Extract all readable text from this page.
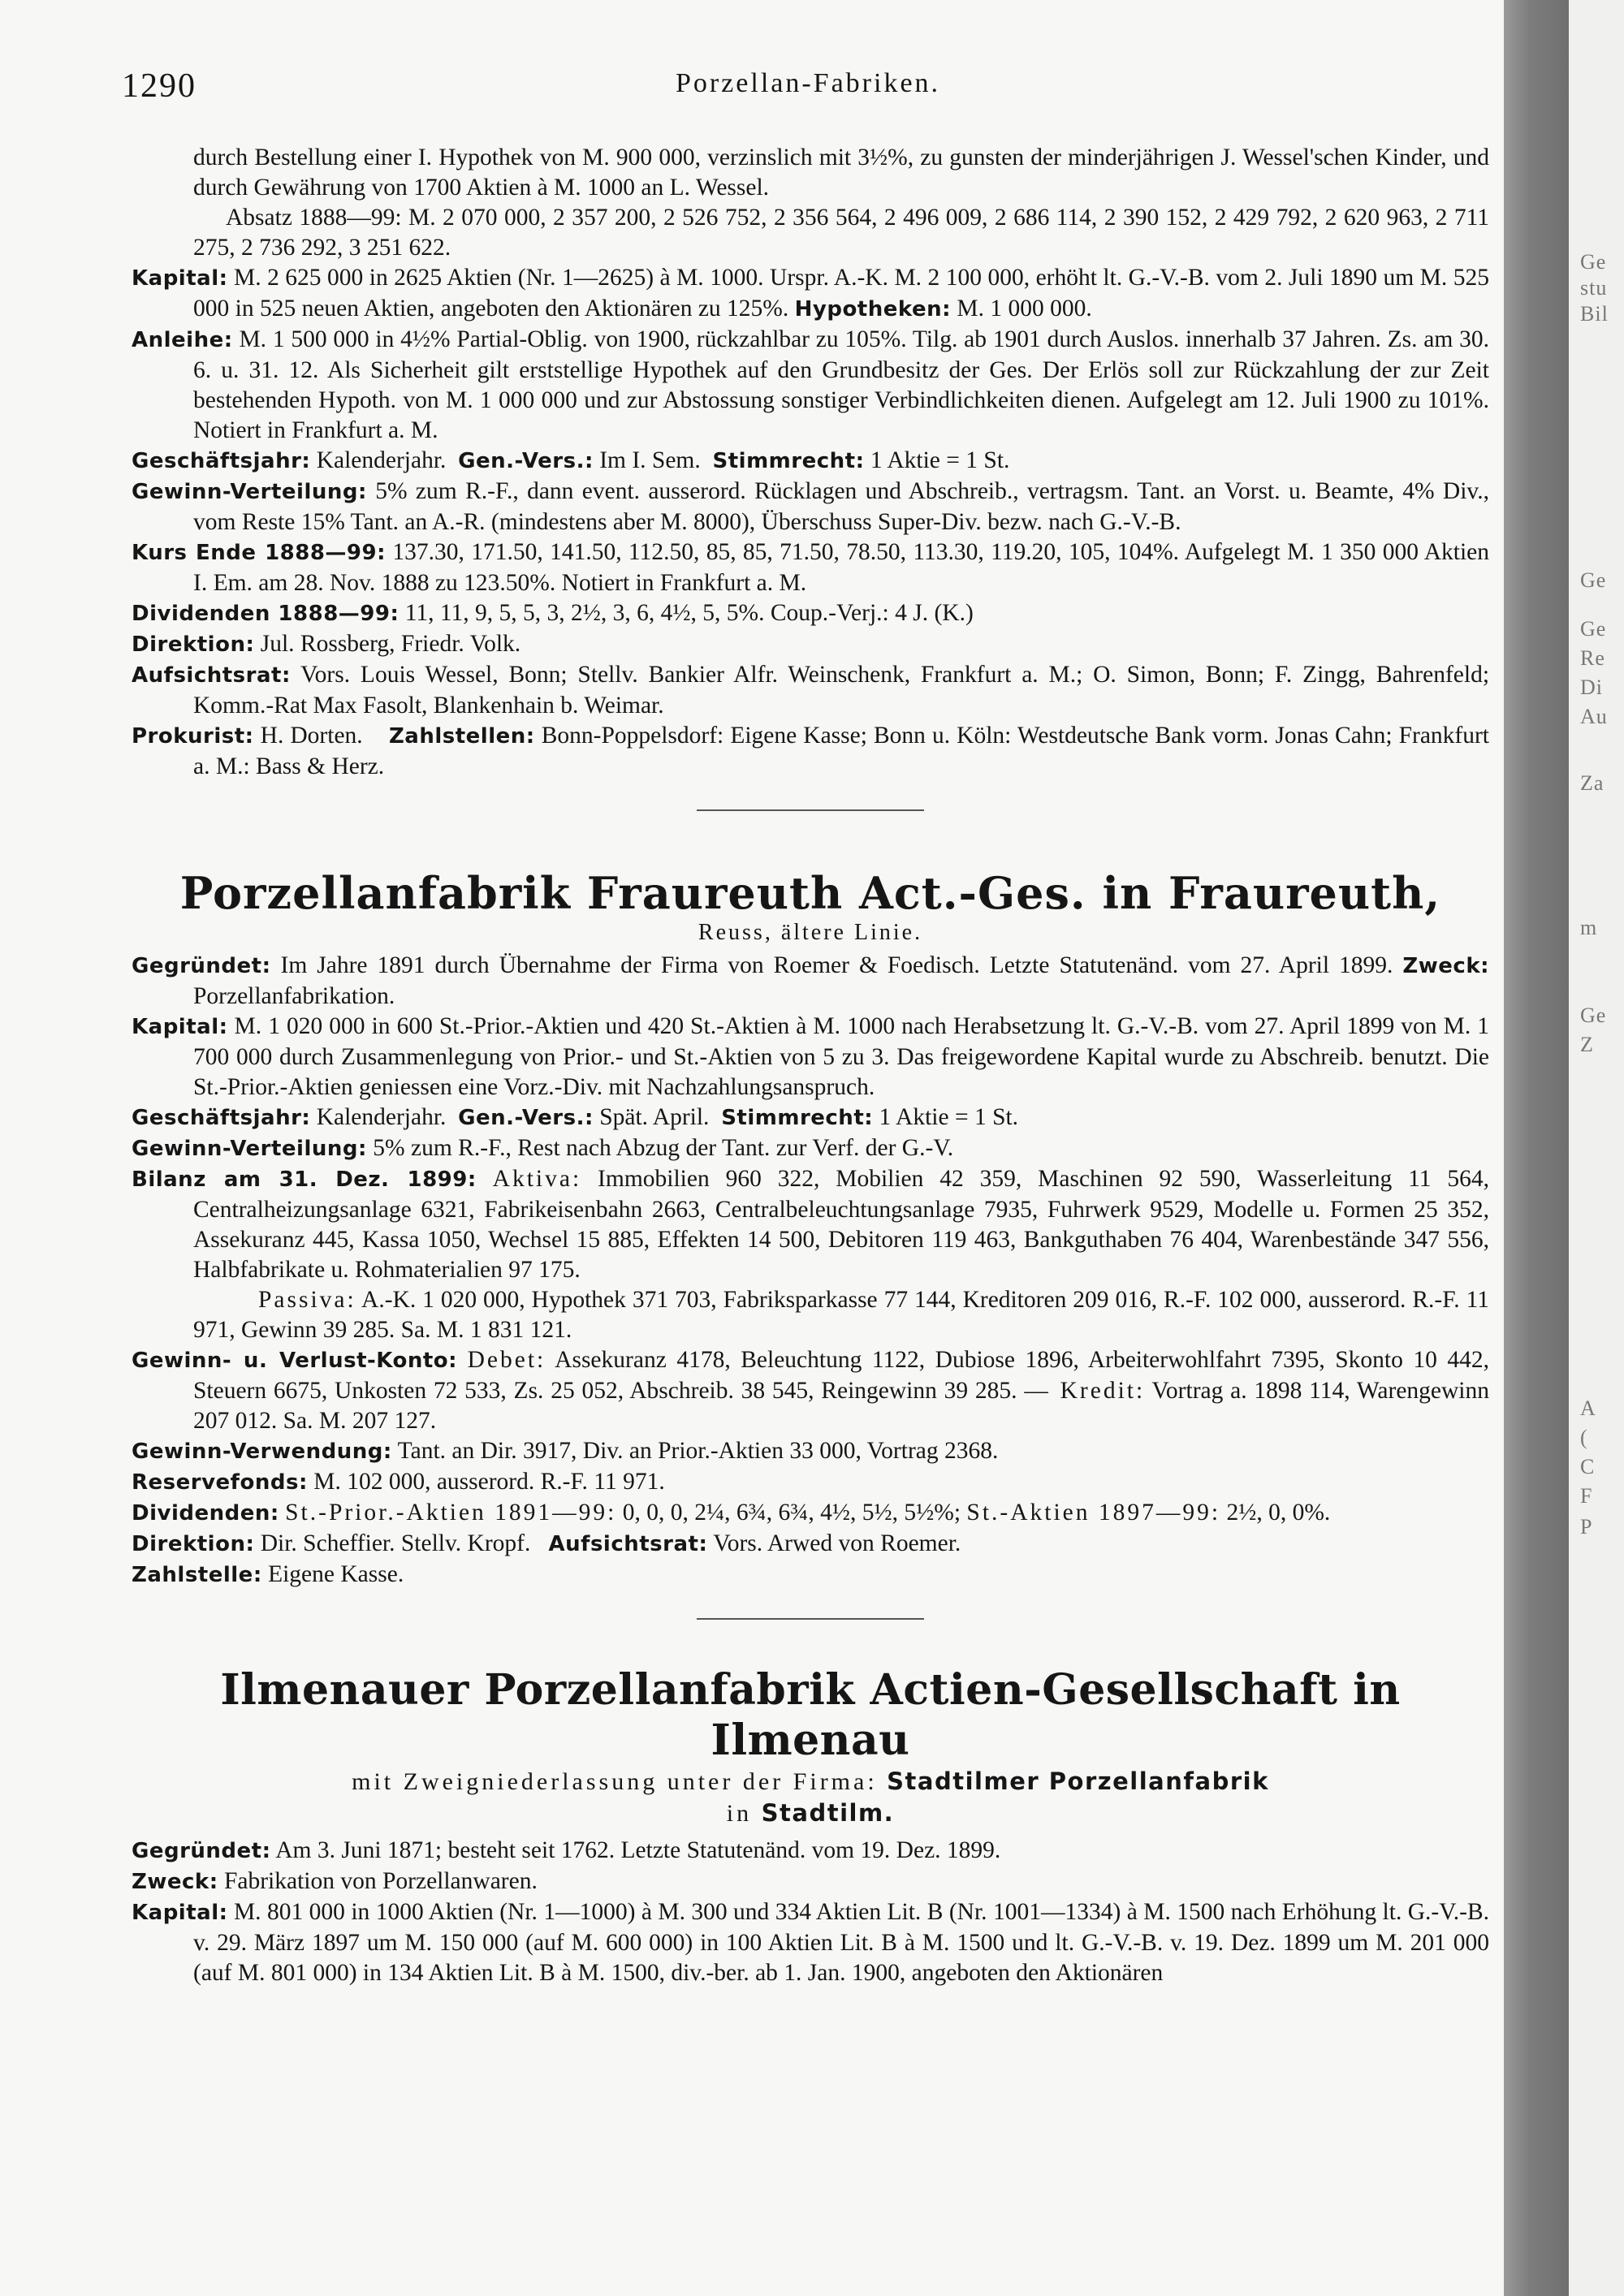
1290	Porzellan-Fabriken.
durch Bestellung einer I. Hypothek von M. 900 000, verzinslich mit 3½%, zu gunsten der minderjährigen J. Wessel'schen Kinder, und durch Gewährung von 1700 Aktien à M. 1000 an L. Wessel.
Absatz 1888—99: M. 2 070 000, 2 357 200, 2 526 752, 2 356 564, 2 496 009, 2 686 114, 2 390 152, 2 429 792, 2 620 963, 2 711 275, 2 736 292, 3 251 622.

Kapital: M. 2 625 000 in 2625 Aktien (Nr. 1—2625) à M. 1000. Urspr. A.-K. M. 2 100 000, erhöht lt. G.-V.-B. vom 2. Juli 1890 um M. 525 000 in 525 neuen Aktien, angeboten den Aktionären zu 125%. Hypotheken: M. 1 000 000.

Anleihe: M. 1 500 000 in 4½% Partial-Oblig. von 1900, rückzahlbar zu 105%. Tilg. ab 1901 durch Auslos. innerhalb 37 Jahren. Zs. am 30. 6. u. 31. 12. Als Sicherheit gilt erststellige Hypothek auf den Grundbesitz der Ges. Der Erlös soll zur Rückzahlung der zur Zeit bestehenden Hypoth. von M. 1 000 000 und zur Abstossung sonstiger Verbindlichkeiten dienen. Aufgelegt am 12. Juli 1900 zu 101%. Notiert in Frankfurt a. M.

Geschäftsjahr: Kalenderjahr. Gen.-Vers.: Im I. Sem. Stimmrecht: 1 Aktie = 1 St.

Gewinn-Verteilung: 5% zum R.-F., dann event. ausserord. Rücklagen und Abschreib., vertragsm. Tant. an Vorst. u. Beamte, 4% Div., vom Reste 15% Tant. an A.-R. (mindestens aber M. 8000), Überschuss Super-Div. bezw. nach G.-V.-B.

Kurs Ende 1888—99: 137.30, 171.50, 141.50, 112.50, 85, 85, 71.50, 78.50, 113.30, 119.20, 105, 104%. Aufgelegt M. 1 350 000 Aktien I. Em. am 28. Nov. 1888 zu 123.50%. Notiert in Frankfurt a. M.

Dividenden 1888—99: 11, 11, 9, 5, 5, 3, 2½, 3, 6, 4½, 5, 5%. Coup.-Verj.: 4 J. (K.)

Direktion: Jul. Rossberg, Friedr. Volk.

Aufsichtsrat: Vors. Louis Wessel, Bonn; Stellv. Bankier Alfr. Weinschenk, Frankfurt a. M.; O. Simon, Bonn; F. Zingg, Bahrenfeld; Komm.-Rat Max Fasolt, Blankenhain b. Weimar.

Prokurist: H. Dorten. Zahlstellen: Bonn-Poppelsdorf: Eigene Kasse; Bonn u. Köln: Westdeutsche Bank vorm. Jonas Cahn; Frankfurt a. M.: Bass & Herz.

Porzellanfabrik Fraureuth Act.-Ges. in Fraureuth,
Reuss, ältere Linie.

Gegründet: Im Jahre 1891 durch Übernahme der Firma von Roemer & Foedisch. Letzte Statutenänd. vom 27. April 1899. Zweck: Porzellanfabrikation.

Kapital: M. 1 020 000 in 600 St.-Prior.-Aktien und 420 St.-Aktien à M. 1000 nach Herabsetzung lt. G.-V.-B. vom 27. April 1899 von M. 1 700 000 durch Zusammenlegung von Prior.- und St.-Aktien von 5 zu 3. Das freigewordene Kapital wurde zu Abschreib. benutzt. Die St.-Prior.-Aktien geniessen eine Vorz.-Div. mit Nachzahlungsanspruch.

Geschäftsjahr: Kalenderjahr. Gen.-Vers.: Spät. April. Stimmrecht: 1 Aktie = 1 St.

Gewinn-Verteilung: 5% zum R.-F., Rest nach Abzug der Tant. zur Verf. der G.-V.

Bilanz am 31. Dez. 1899: Aktiva: Immobilien 960 322, Mobilien 42 359, Maschinen 92 590, Wasserleitung 11 564, Centralheizungsanlage 6321, Fabrikeisenbahn 2663, Centralbeleuchtungsanlage 7935, Fuhrwerk 9529, Modelle u. Formen 25 352, Assekuranz 445, Kassa 1050, Wechsel 15 885, Effekten 14 500, Debitoren 119 463, Bankguthaben 76 404, Warenbestände 347 556, Halbfabrikate u. Rohmaterialien 97 175.

Passiva: A.-K. 1 020 000, Hypothek 371 703, Fabriksparkasse 77 144, Kreditoren 209 016, R.-F. 102 000, ausserord. R.-F. 11 971, Gewinn 39 285. Sa. M. 1 831 121.

Gewinn- u. Verlust-Konto: Debet: Assekuranz 4178, Beleuchtung 1122, Dubiose 1896, Arbeiterwohlfahrt 7395, Skonto 10 442, Steuern 6675, Unkosten 72 533, Zs. 25 052, Abschreib. 38 545, Reingewinn 39 285. — Kredit: Vortrag a. 1898 114, Warengewinn 207 012. Sa. M. 207 127.

Gewinn-Verwendung: Tant. an Dir. 3917, Div. an Prior.-Aktien 33 000, Vortrag 2368.

Reservefonds: M. 102 000, ausserord. R.-F. 11 971.

Dividenden: St.-Prior.-Aktien 1891—99: 0, 0, 0, 2¼, 6¾, 6¾, 4½, 5½, 5½%; St.-Aktien 1897—99: 2½, 0, 0%.

Direktion: Dir. Scheffier. Stellv. Kropf. Aufsichtsrat: Vors. Arwed von Roemer.

Zahlstelle: Eigene Kasse.

Ilmenauer Porzellanfabrik Actien-Gesellschaft in Ilmenau
mit Zweigniederlassung unter der Firma: Stadtilmer Porzellanfabrik
in Stadtilm.

Gegründet: Am 3. Juni 1871; besteht seit 1762. Letzte Statutenänd. vom 19. Dez. 1899.

Zweck: Fabrikation von Porzellanwaren.

Kapital: M. 801 000 in 1000 Aktien (Nr. 1—1000) à M. 300 und 334 Aktien Lit. B (Nr. 1001—1334) à M. 1500 nach Erhöhung lt. G.-V.-B. v. 29. März 1897 um M. 150 000 (auf M. 600 000) in 100 Aktien Lit. B à M. 1500 und lt. G.-V.-B. v. 19. Dez. 1899 um M. 201 000 (auf M. 801 000) in 134 Aktien Lit. B à M. 1500, div.-ber. ab 1. Jan. 1900, angeboten den Aktionären

Ge
stu
Bil
Ge
Ge
Re
Di
Au
Za
m
Ge
Z
A
(
C
F
P
